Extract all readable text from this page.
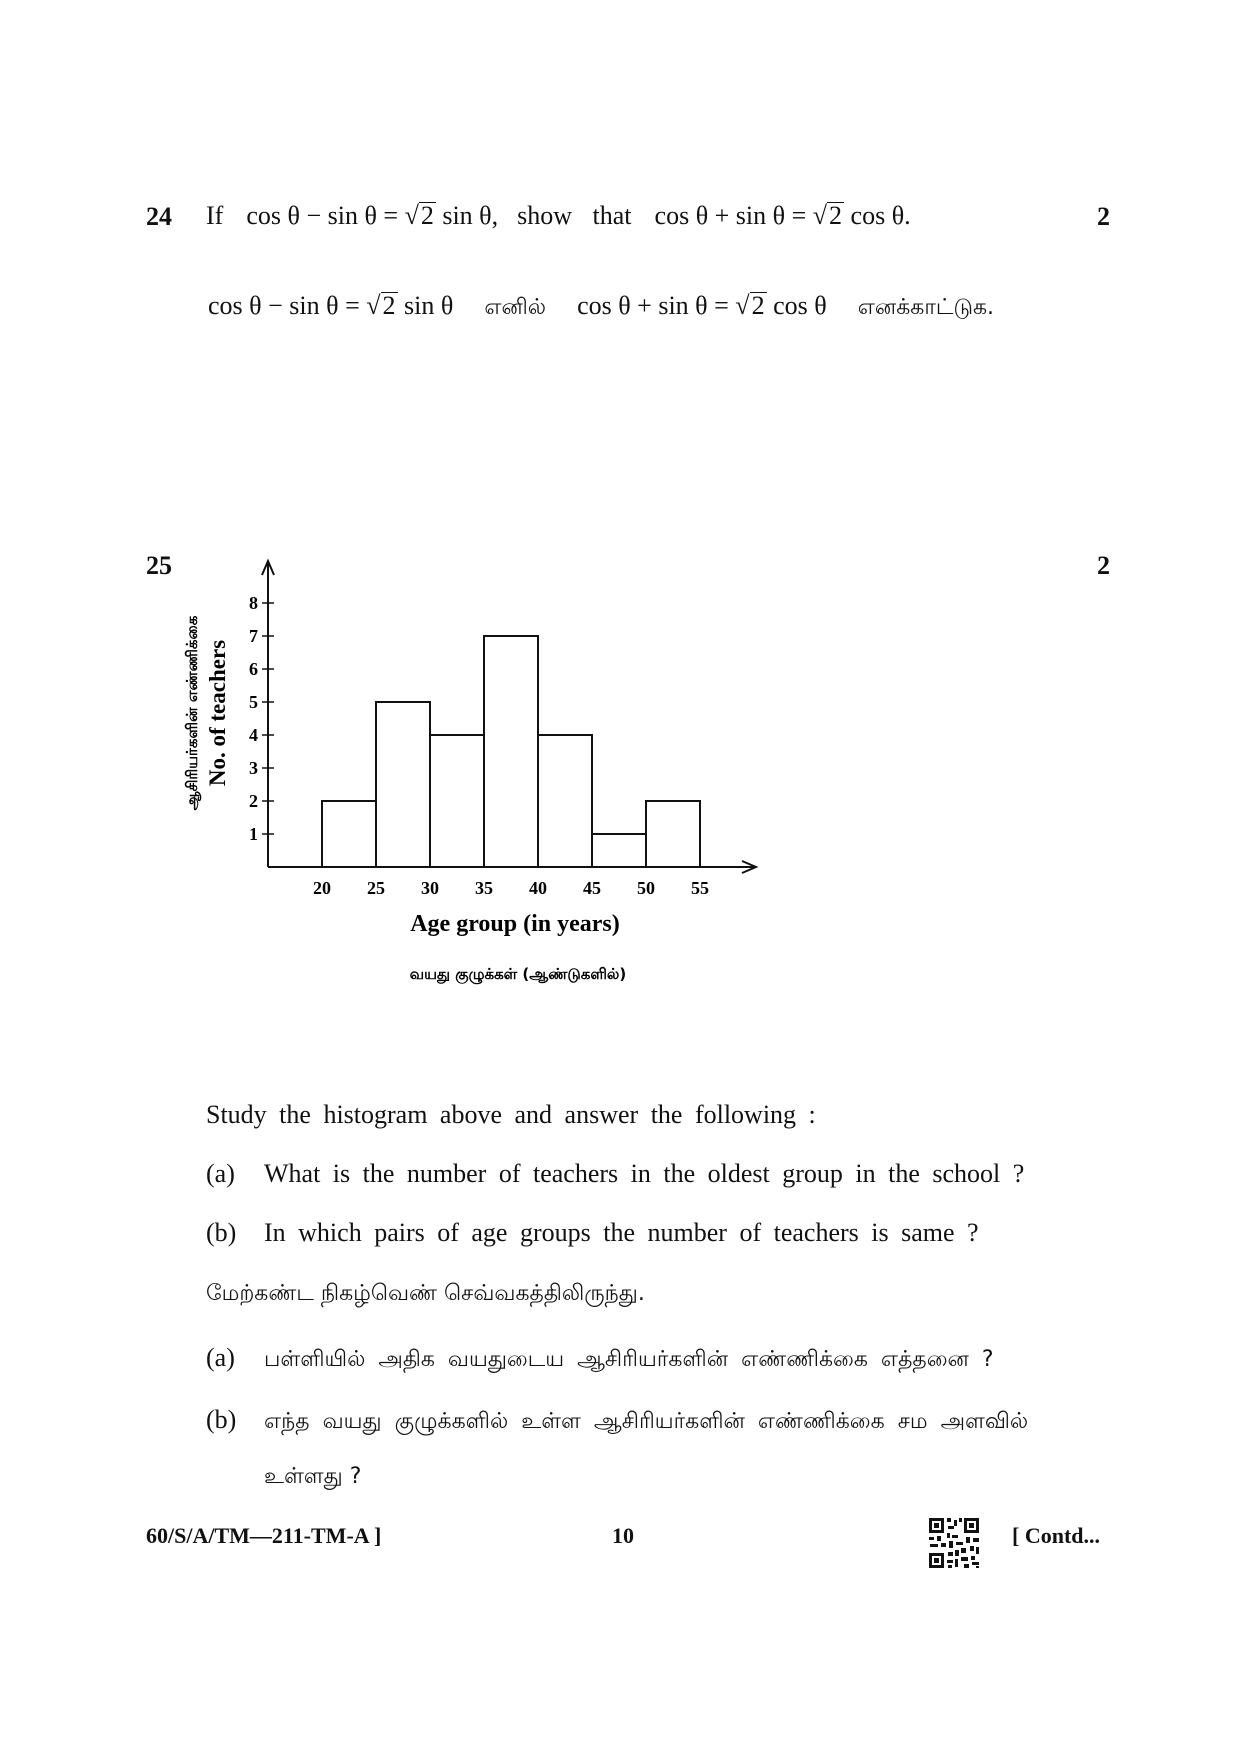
24	2
If cos θ − sin θ = √2 sin θ, show that cos θ + sin θ = √2 cos θ.
cos θ − sin θ = √2 sin θ எனில் cos θ + sin θ = √2 cos θ எனக்காட்டுக.
25	2
1
2
3
4
5
6
7
8
20 25 30 35 40 45 50 55
No. of teachers
ஆசிரியர்களின் எண்ணிக்கை
Age group (in years)
வயது குழுக்கள் (ஆண்டுகளில்)
Study the histogram above and answer the following :
(a) What is the number of teachers in the oldest group in the school ?
(b) In which pairs of age groups the number of teachers is same ?
மேற்கண்ட நிகழ்வெண் செவ்வகத்திலிருந்து.
(a) பள்ளியில் அதிக வயதுடைய ஆசிரியர்களின் எண்ணிக்கை எத்தனை ?
(b) எந்த வயது குழுக்களில் உள்ள ஆசிரியர்களின் எண்ணிக்கை சம அளவில்
உள்ளது ?
60/S/A/TM—211-TM-A ]	10	[ Contd...
